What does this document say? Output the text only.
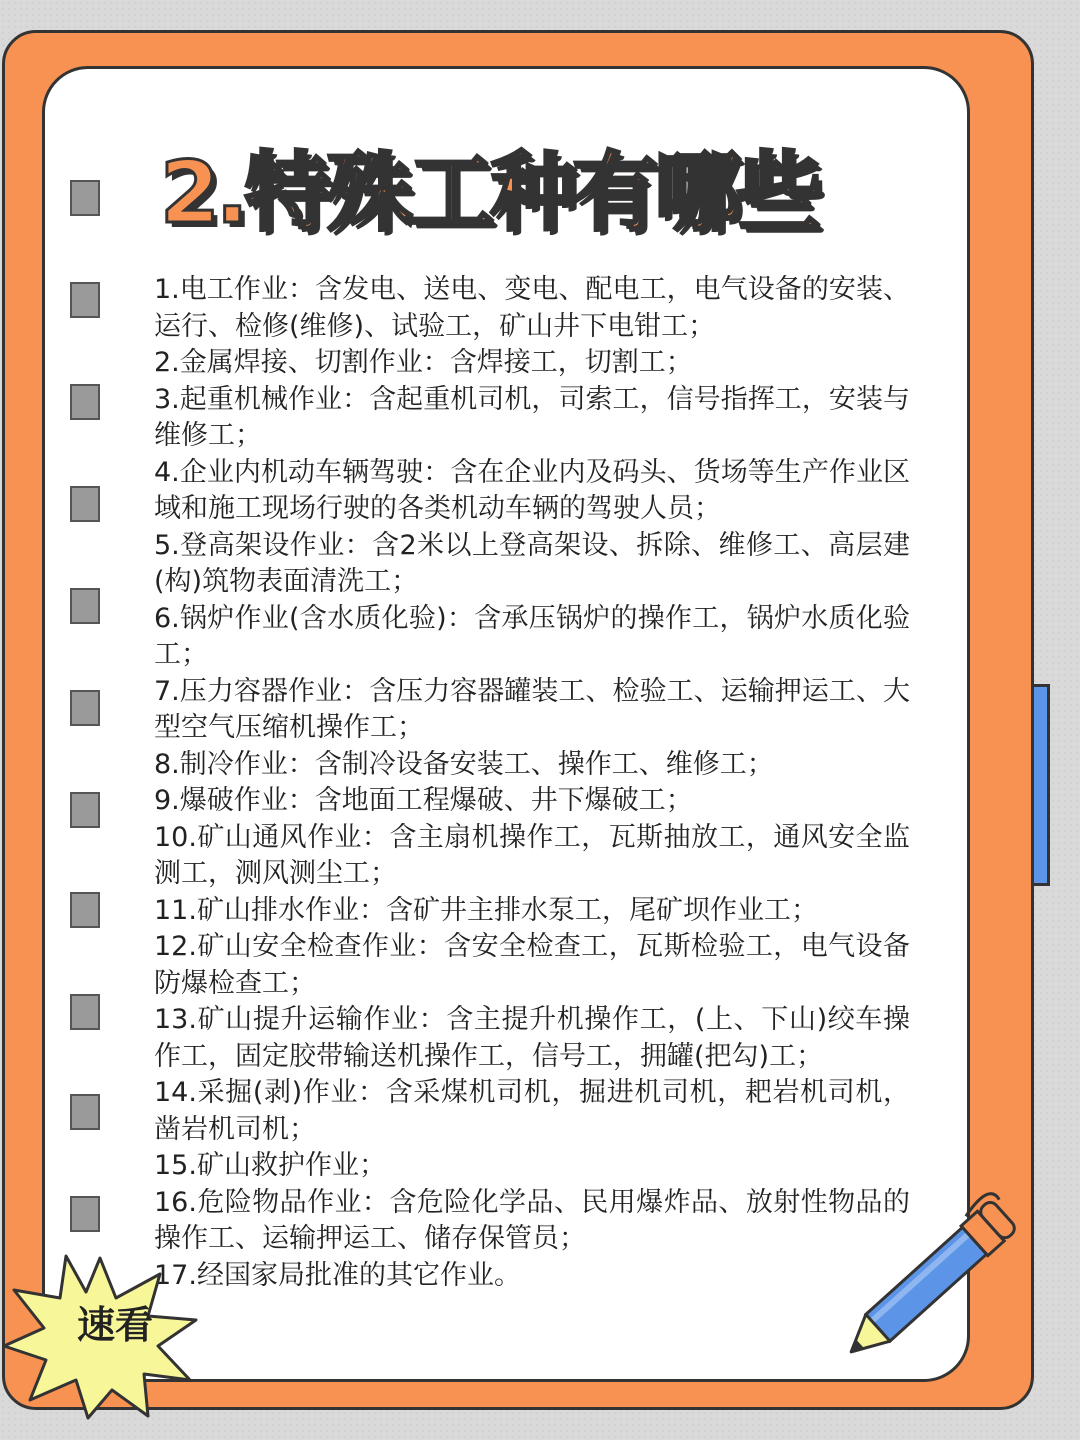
2.特殊工种有哪些
1.电工作业：含发电、送电、变电、配电工，电气设备的安装、运行、检修(维修)、试验工，矿山井下电钳工；
2.金属焊接、切割作业：含焊接工，切割工；
3.起重机械作业：含起重机司机，司索工，信号指挥工，安装与维修工；
4.企业内机动车辆驾驶：含在企业内及码头、货场等生产作业区域和施工现场行驶的各类机动车辆的驾驶人员；
5.登高架设作业：含2米以上登高架设、拆除、维修工、高层建(构)筑物表面清洗工；
6.锅炉作业(含水质化验)：含承压锅炉的操作工，锅炉水质化验工；
7.压力容器作业：含压力容器罐装工、检验工、运输押运工、大型空气压缩机操作工；
8.制冷作业：含制冷设备安装工、操作工、维修工；
9.爆破作业：含地面工程爆破、井下爆破工；
10.矿山通风作业：含主扇机操作工，瓦斯抽放工，通风安全监测工，测风测尘工；
11.矿山排水作业：含矿井主排水泵工，尾矿坝作业工；
12.矿山安全检查作业：含安全检查工，瓦斯检验工，电气设备防爆检查工；
13.矿山提升运输作业：含主提升机操作工，(上、下山)绞车操作工，固定胶带输送机操作工，信号工，拥罐(把勾)工；
14.采掘(剥)作业：含采煤机司机，掘进机司机，耙岩机司机，凿岩机司机；
15.矿山救护作业；
16.危险物品作业：含危险化学品、民用爆炸品、放射性物品的操作工、运输押运工、储存保管员；
17.经国家局批准的其它作业。
速看
